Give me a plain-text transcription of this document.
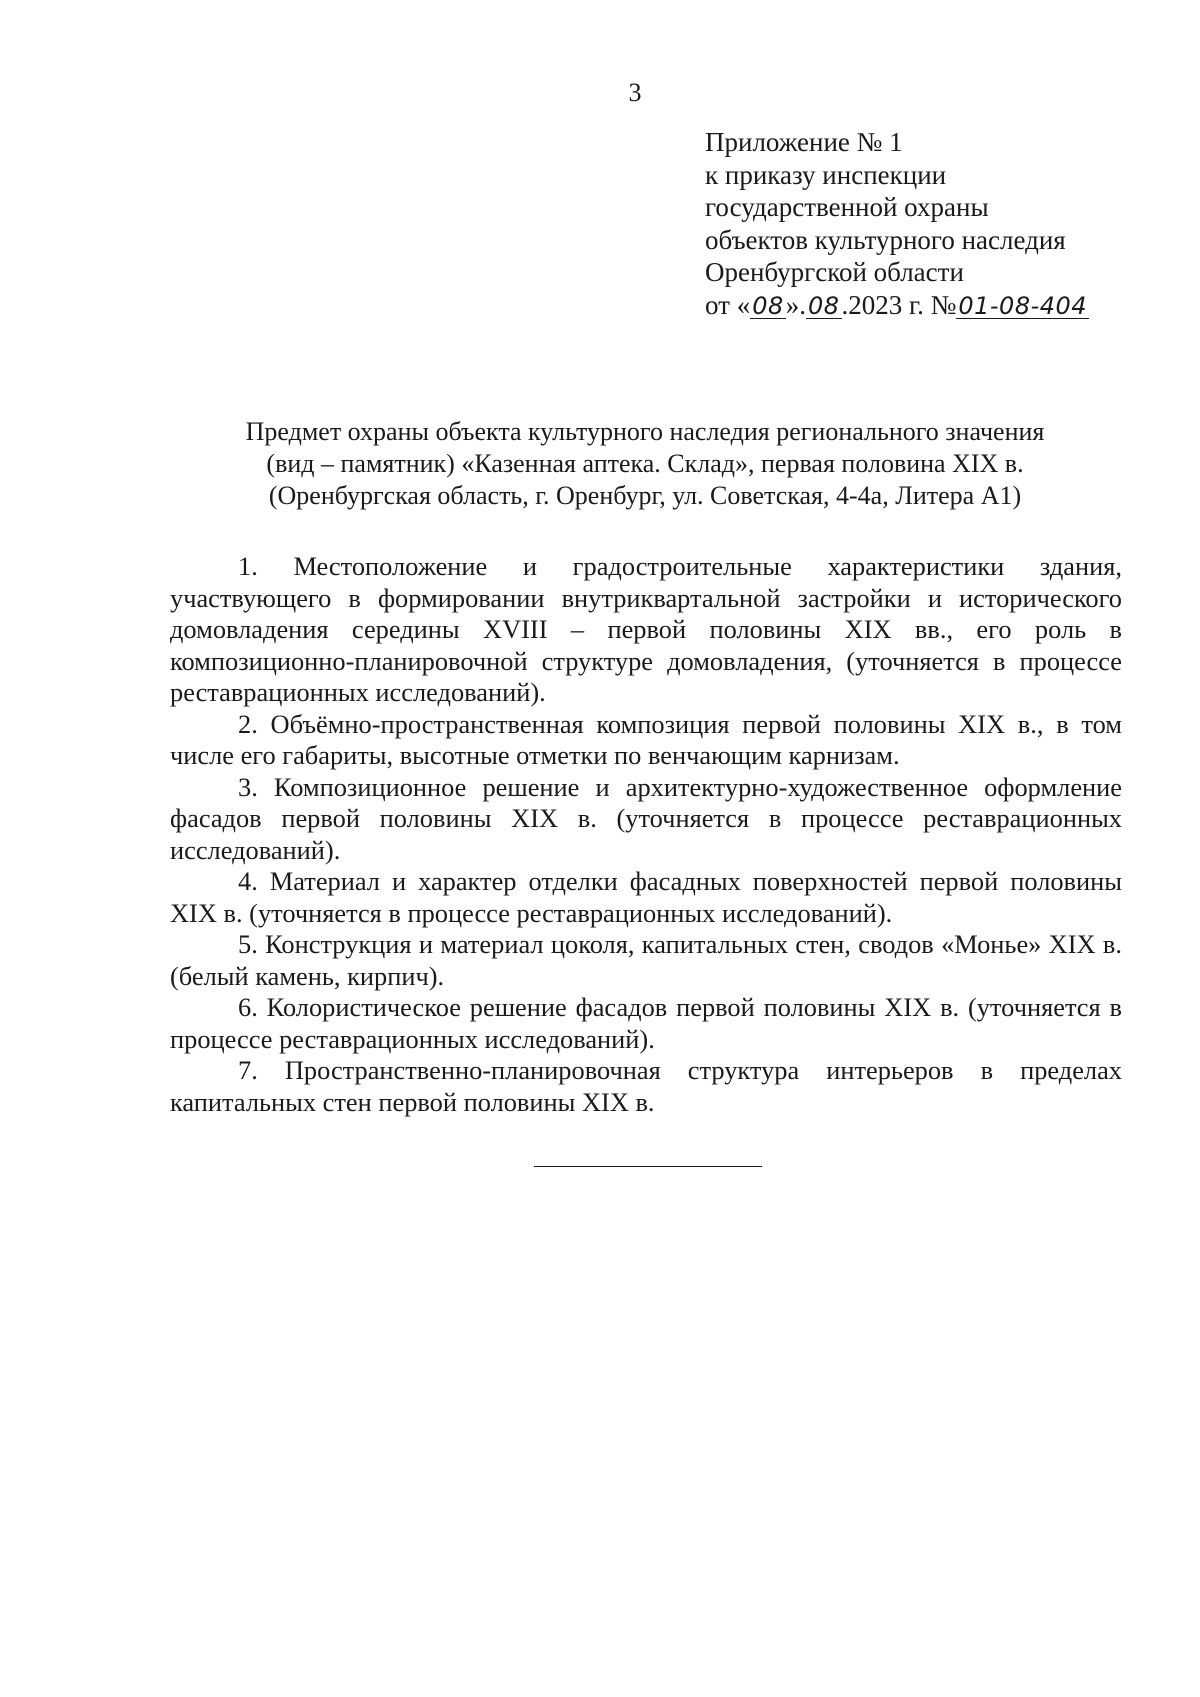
3
Приложение № 1
к приказу инспекции
государственной охраны
объектов культурного наследия
Оренбургской области
от «08».08.2023 г. №01-08-404
Предмет охраны объекта культурного наследия регионального значения
(вид – памятник) «Казенная аптека. Склад», первая половина XIX в.
(Оренбургская область, г. Оренбург, ул. Советская, 4-4а, Литера А1)

1. Местоположение и градостроительные характеристики здания, участвующего в формировании внутриквартальной застройки и исторического домовладения середины XVIII – первой половины XIX вв., его роль в композиционно-планировочной структуре домовладения, (уточняется в процессе реставрационных исследований).

2. Объёмно-пространственная композиция первой половины XIX в., в том числе его габариты, высотные отметки по венчающим карнизам.

3. Композиционное решение и архитектурно-художественное оформление фасадов первой половины XIX в. (уточняется в процессе реставрационных исследований).

4. Материал и характер отделки фасадных поверхностей первой половины XIX в. (уточняется в процессе реставрационных исследований).

5. Конструкция и материал цоколя, капитальных стен, сводов «Монье» XIX в. (белый камень, кирпич).

6. Колористическое решение фасадов первой половины XIX в. (уточняется в процессе реставрационных исследований).

7. Пространственно-планировочная структура интерьеров в пределах капитальных стен первой половины XIX в.
